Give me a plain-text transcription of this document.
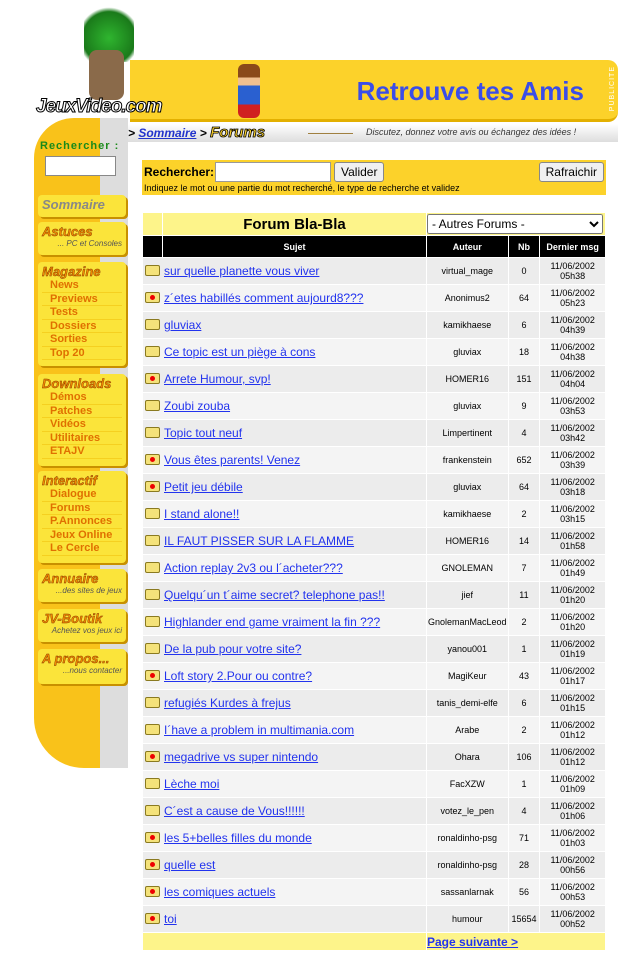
JeuxVideo.com
Retrouve tes Amis	PUBLICITE
Rechercher :
Sommaire
Astuces
... PC et Consoles
Magazine
News
Previews
Tests
Dossiers
Sorties
Top 20
Downloads
Démos
Patches
Vidéos
Utilitaires
ETAJV
Interactif
Dialogue
Forums
P.Annonces
Jeux Online
Le Cercle
Annuaire
...des sites de jeux
JV-Boutik
Achetez vos jeux ici
A propos...
...nous contacter
> Sommaire > Forums	Discutez, donnez votre avis ou échangez des idées !
Rechercher:	Valider	Rafraichir
Indiquez le mot ou une partie du mot recherché, le type de recherche et validez
	Forum Bla-Bla	
- Autres Forums -
	Sujet	Auteur	Nb	Dernier msg
sur quelle planette vous viver		virtual_mage	0	11/06/2002
05h38
z´etes habillés comment aujourd8???		Anonimus2	64	11/06/2002
05h23
gluviax		kamikhaese	6	11/06/2002
04h39
Ce topic est un piège à cons		gluviax	18	11/06/2002
04h38
Arrete Humour, svp!		HOMER16	151	11/06/2002
04h04
Zoubi zouba		gluviax	9	11/06/2002
03h53
Topic tout neuf		Limpertinent	4	11/06/2002
03h42
Vous êtes parents! Venez		frankenstein	652	11/06/2002
03h39
Petit jeu débile		gluviax	64	11/06/2002
03h18
I stand alone!!		kamikhaese	2	11/06/2002
03h15
IL FAUT PISSER SUR LA FLAMME		HOMER16	14	11/06/2002
01h58
Action replay 2v3 ou l´acheter???		GNOLEMAN	7	11/06/2002
01h49
Quelqu´un t´aime secret? telephone pas!!		jief	11	11/06/2002
01h20
Highlander end game vraiment la fin ???		GnolemanMacLeod	2	11/06/2002
01h20
De la pub pour votre site?		yanou001	1	11/06/2002
01h19
Loft story 2.Pour ou contre?		MagiKeur	43	11/06/2002
01h17
refugiés Kurdes à frejus		tanis_demi-elfe	6	11/06/2002
01h15
I´have a problem in multimania.com		Arabe	2	11/06/2002
01h12
megadrive vs super nintendo		Ohara	106	11/06/2002
01h12
Lèche moi		FacXZW	1	11/06/2002
01h09
C´est a cause de Vous!!!!!!		votez_le_pen	4	11/06/2002
01h06
les 5+belles filles du monde		ronaldinho-psg	71	11/06/2002
01h03
quelle est		ronaldinho-psg	28	11/06/2002
00h56
les comiques actuels		sassanlarnak	56	11/06/2002
00h53
toi		humour	15654	11/06/2002
00h52
		Page suivante >		
